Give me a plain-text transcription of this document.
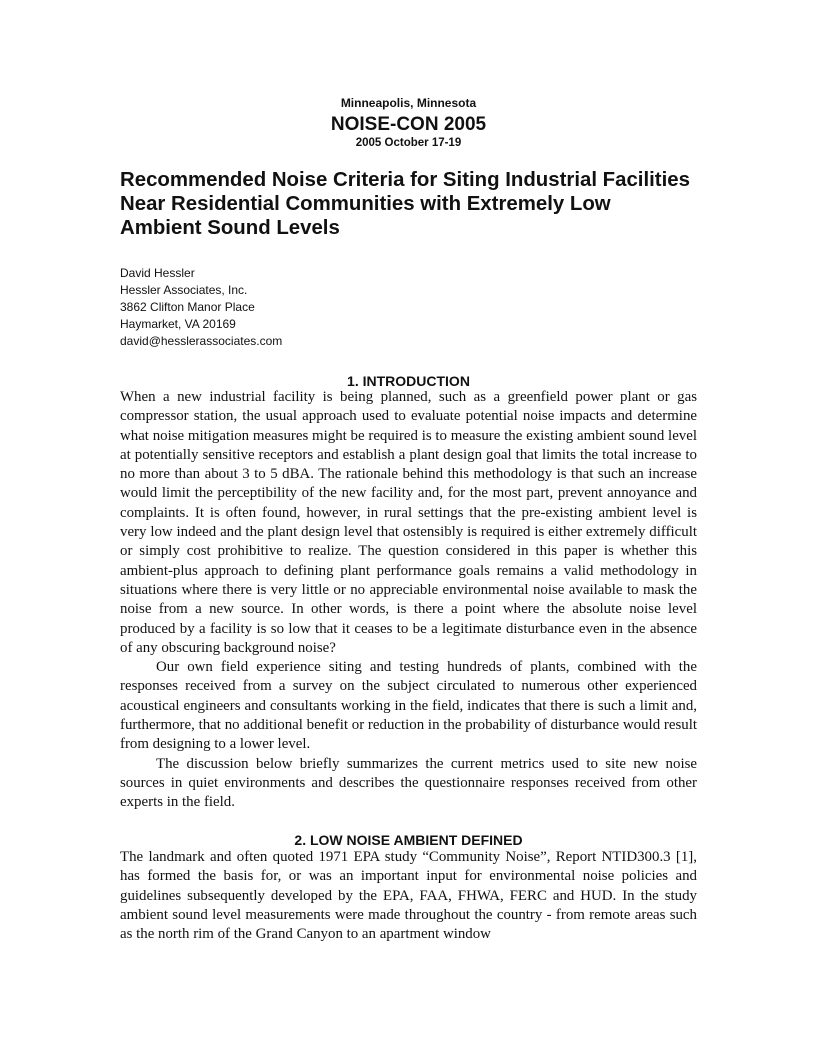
Minneapolis, Minnesota
NOISE-CON 2005
2005 October 17-19
Recommended Noise Criteria for Siting Industrial Facilities Near Residential Communities with Extremely Low Ambient Sound Levels
David Hessler
Hessler Associates, Inc.
3862 Clifton Manor Place
Haymarket, VA 20169
david@hesslerassociates.com
1. INTRODUCTION

When a new industrial facility is being planned, such as a greenfield power plant or gas compressor station, the usual approach used to evaluate potential noise impacts and determine what noise mitigation measures might be required is to measure the existing ambient sound level at potentially sensitive receptors and establish a plant design goal that limits the total increase to no more than about 3 to 5 dBA. The rationale behind this methodology is that such an increase would limit the perceptibility of the new facility and, for the most part, prevent annoyance and complaints. It is often found, however, in rural settings that the pre-existing ambient level is very low indeed and the plant design level that ostensibly is required is either extremely difficult or simply cost prohibitive to realize. The question considered in this paper is whether this ambient-plus approach to defining plant performance goals remains a valid methodology in situations where there is very little or no appreciable environmental noise available to mask the noise from a new source. In other words, is there a point where the absolute noise level produced by a facility is so low that it ceases to be a legitimate disturbance even in the absence of any obscuring background noise?

Our own field experience siting and testing hundreds of plants, combined with the responses received from a survey on the subject circulated to numerous other experienced acoustical engineers and consultants working in the field, indicates that there is such a limit and, furthermore, that no additional benefit or reduction in the probability of disturbance would result from designing to a lower level.

The discussion below briefly summarizes the current metrics used to site new noise sources in quiet environments and describes the questionnaire responses received from other experts in the field.

2. LOW NOISE AMBIENT DEFINED

The landmark and often quoted 1971 EPA study “Community Noise”, Report NTID300.3 [1], has formed the basis for, or was an important input for environmental noise policies and guidelines subsequently developed by the EPA, FAA, FHWA, FERC and HUD. In the study ambient sound level measurements were made throughout the country - from remote areas such as the north rim of the Grand Canyon to an apartment window
